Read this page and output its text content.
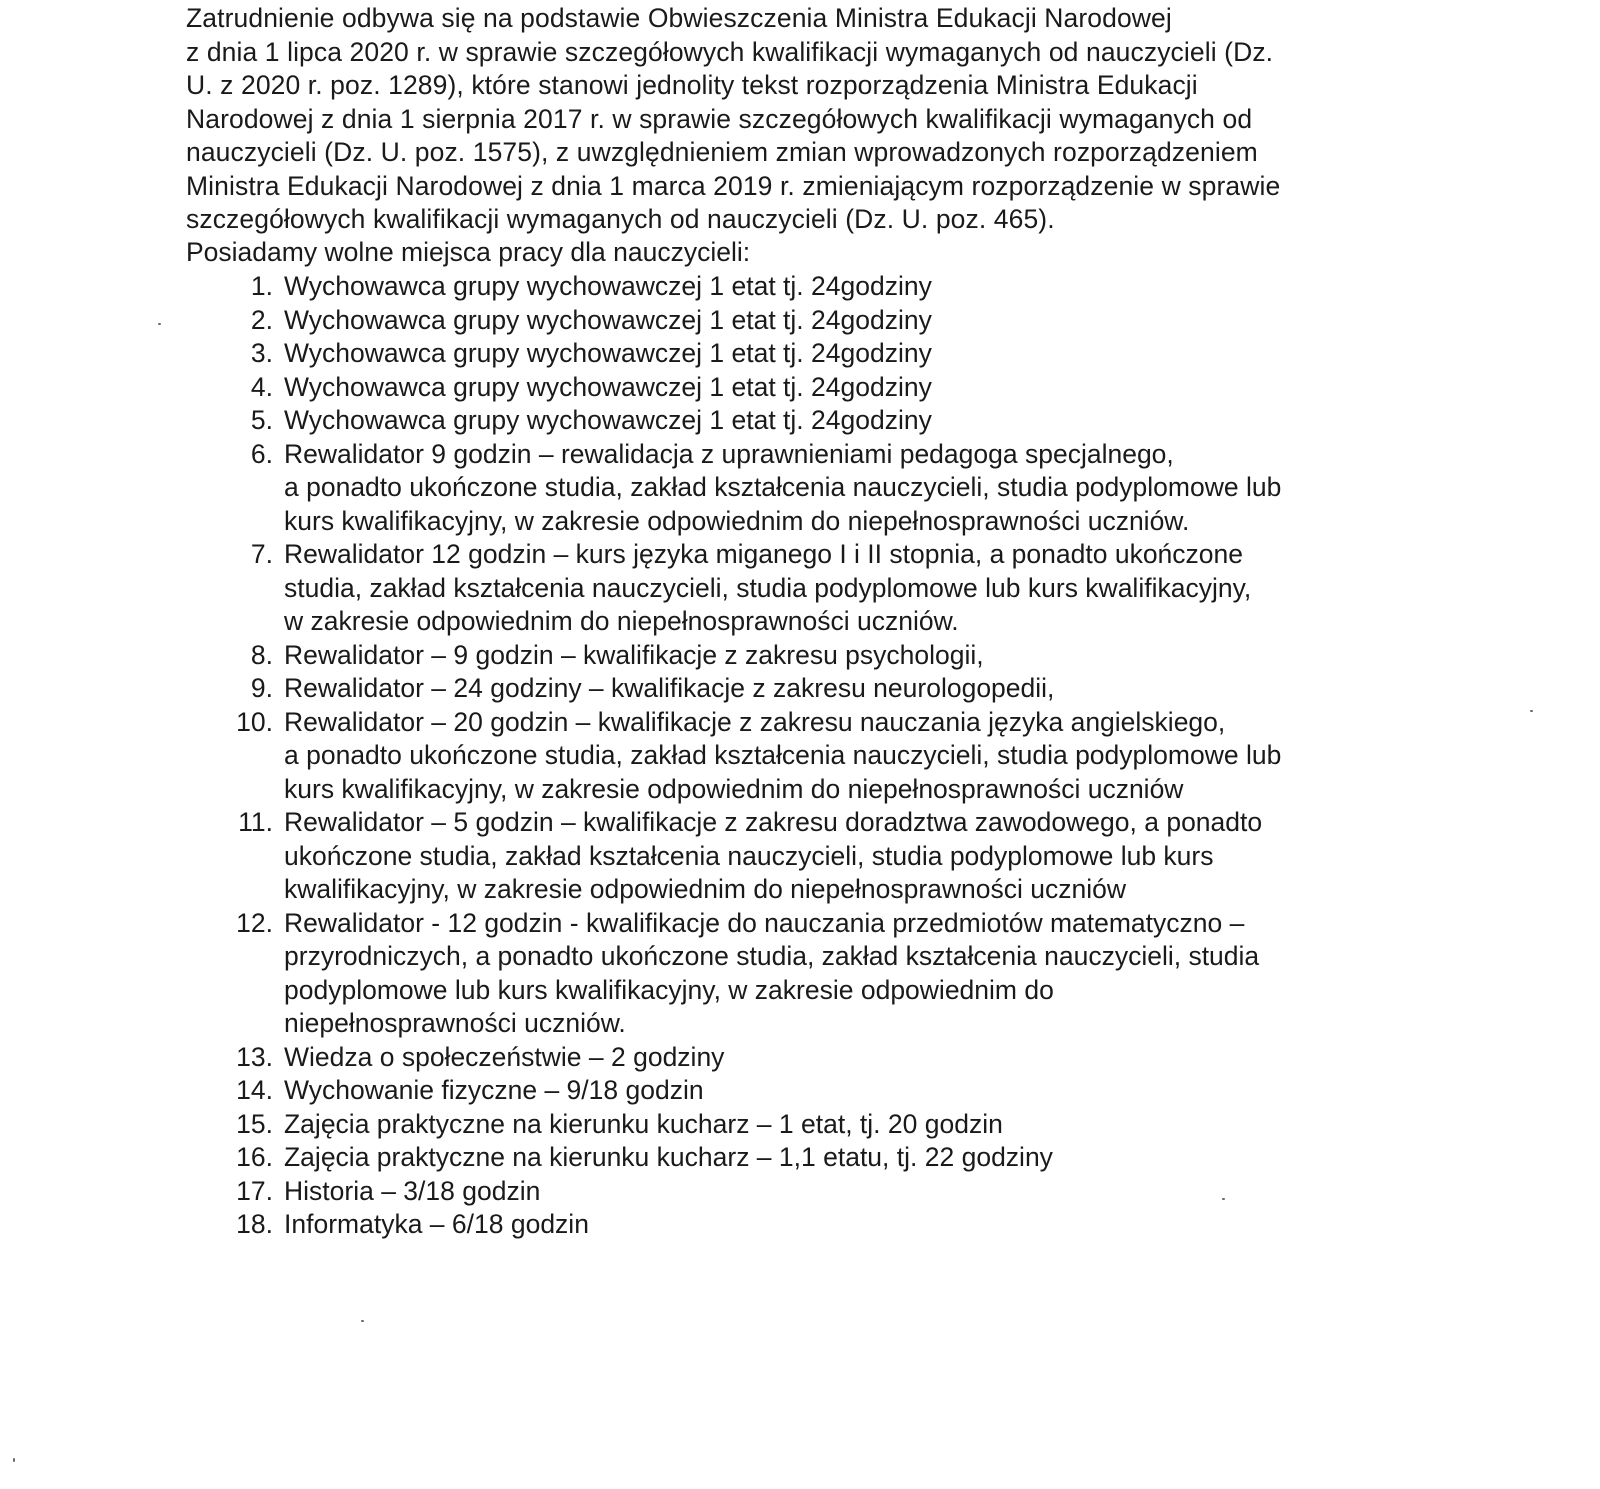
Zatrudnienie odbywa się na podstawie Obwieszczenia Ministra Edukacji Narodowej
z dnia 1 lipca 2020 r. w sprawie szczegółowych kwalifikacji wymaganych od nauczycieli (Dz.
U. z 2020 r. poz. 1289), które stanowi jednolity tekst rozporządzenia Ministra Edukacji
Narodowej z dnia 1 sierpnia 2017 r. w sprawie szczegółowych kwalifikacji wymaganych od
nauczycieli (Dz. U. poz. 1575), z uwzględnieniem zmian wprowadzonych rozporządzeniem
Ministra Edukacji Narodowej z dnia 1 marca 2019 r. zmieniającym rozporządzenie w sprawie
szczegółowych kwalifikacji wymaganych od nauczycieli (Dz. U. poz. 465).
Posiadamy wolne miejsca pracy dla nauczycieli:
1. Wychowawca grupy wychowawczej 1 etat tj. 24godziny
2. Wychowawca grupy wychowawczej 1 etat tj. 24godziny
3. Wychowawca grupy wychowawczej 1 etat tj. 24godziny
4. Wychowawca grupy wychowawczej 1 etat tj. 24godziny
5. Wychowawca grupy wychowawczej 1 etat tj. 24godziny
6. Rewalidator 9 godzin – rewalidacja z uprawnieniami pedagoga specjalnego,
a ponadto ukończone studia, zakład kształcenia nauczycieli, studia podyplomowe lub
kurs kwalifikacyjny, w zakresie odpowiednim do niepełnosprawności uczniów.
7. Rewalidator 12 godzin – kurs języka miganego I i II stopnia, a ponadto ukończone
studia, zakład kształcenia nauczycieli, studia podyplomowe lub kurs kwalifikacyjny,
w zakresie odpowiednim do niepełnosprawności uczniów.
8. Rewalidator – 9 godzin – kwalifikacje z zakresu psychologii,
9. Rewalidator – 24 godziny – kwalifikacje z zakresu neurologopedii,
10. Rewalidator – 20 godzin – kwalifikacje z zakresu nauczania języka angielskiego,
a ponadto ukończone studia, zakład kształcenia nauczycieli, studia podyplomowe lub
kurs kwalifikacyjny, w zakresie odpowiednim do niepełnosprawności uczniów
11. Rewalidator – 5 godzin – kwalifikacje z zakresu doradztwa zawodowego, a ponadto
ukończone studia, zakład kształcenia nauczycieli, studia podyplomowe lub kurs
kwalifikacyjny, w zakresie odpowiednim do niepełnosprawności uczniów
12. Rewalidator - 12 godzin - kwalifikacje do nauczania przedmiotów matematyczno –
przyrodniczych, a ponadto ukończone studia, zakład kształcenia nauczycieli, studia
podyplomowe lub kurs kwalifikacyjny, w zakresie odpowiednim do
niepełnosprawności uczniów.
13. Wiedza o społeczeństwie – 2 godziny
14. Wychowanie fizyczne – 9/18 godzin
15. Zajęcia praktyczne na kierunku kucharz – 1 etat, tj. 20 godzin
16. Zajęcia praktyczne na kierunku kucharz – 1,1 etatu, tj. 22 godziny
17. Historia – 3/18 godzin
18. Informatyka – 6/18 godzin
